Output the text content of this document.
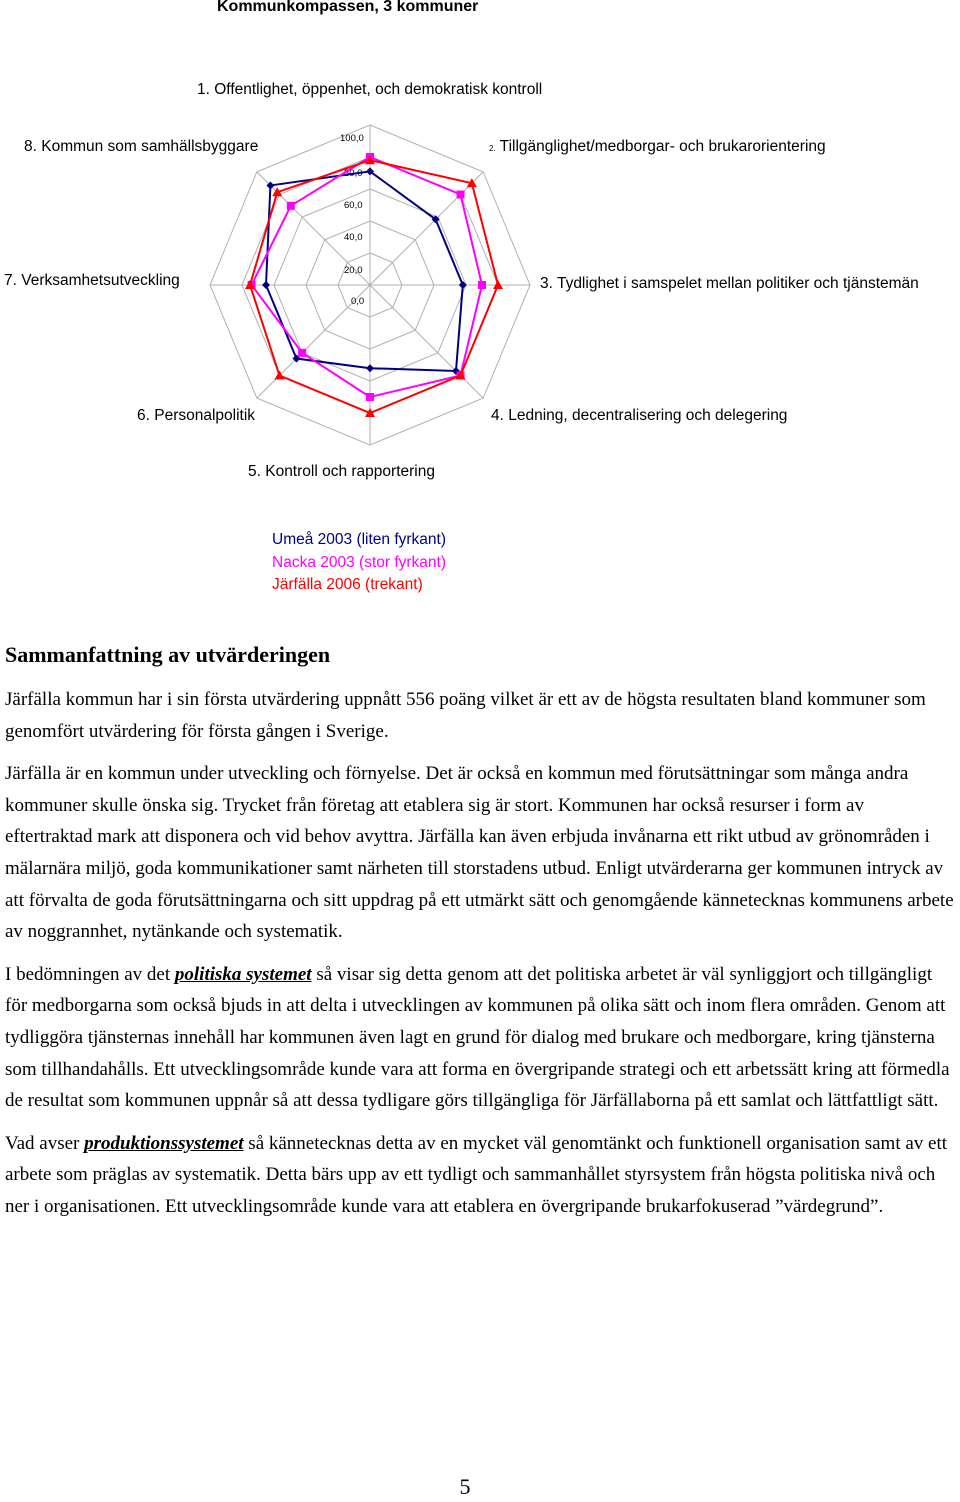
Kommunkompassen, 3 kommuner
0,0
20,0
40,0
60,0
80,0
100,0
1. Offentlighet, öppenhet, och demokratisk kontroll
2. Tillgänglighet/medborgar- och brukarorientering
3. Tydlighet i samspelet mellan politiker och tjänstemän
4. Ledning, decentralisering och delegering
5. Kontroll och rapportering
6. Personalpolitik
7. Verksamhetsutveckling
8. Kommun som samhällsbyggare
Umeå 2003 (liten fyrkant)
Nacka 2003 (stor fyrkant)
Järfälla 2006 (trekant)
Sammanfattning av utvärderingen

Järfälla kommun har i sin första utvärdering uppnått 556 poäng vilket är ett av de högsta resultaten bland kommuner som genomfört utvärdering för första gången i Sverige.

Järfälla är en kommun under utveckling och förnyelse. Det är också en kommun med förutsättningar som många andra kommuner skulle önska sig. Trycket från företag att etablera sig är stort. Kommunen har också resurser i form av eftertraktad mark att disponera och vid behov avyttra. Järfälla kan även erbjuda invånarna ett rikt utbud av grönområden i mälarnära miljö, goda kommunikationer samt närheten till storstadens utbud. Enligt utvärderarna ger kommunen intryck av att förvalta de goda förutsättningarna och sitt uppdrag på ett utmärkt sätt och genomgående kännetecknas kommunens arbete av noggrannhet, nytänkande och systematik.

I bedömningen av det politiska systemet så visar sig detta genom att det politiska arbetet är väl synliggjort och tillgängligt för medborgarna som också bjuds in att delta i utvecklingen av kommunen på olika sätt och inom flera områden. Genom att tydliggöra tjänsternas innehåll har kommunen även lagt en grund för dialog med brukare och medborgare, kring tjänsterna som tillhandahålls. Ett utvecklingsområde kunde vara att forma en övergripande strategi och ett arbetssätt kring att förmedla de resultat som kommunen uppnår så att dessa tydligare görs tillgängliga för Järfällaborna på ett samlat och lättfattligt sätt.

Vad avser produktionssystemet så kännetecknas detta av en mycket väl genomtänkt och funktionell organisation samt av ett arbete som präglas av systematik. Detta bärs upp av ett tydligt och sammanhållet styrsystem från högsta politiska nivå och ner i organisationen. Ett utvecklingsområde kunde vara att etablera en övergripande brukarfokuserad ”värdegrund”.

5
